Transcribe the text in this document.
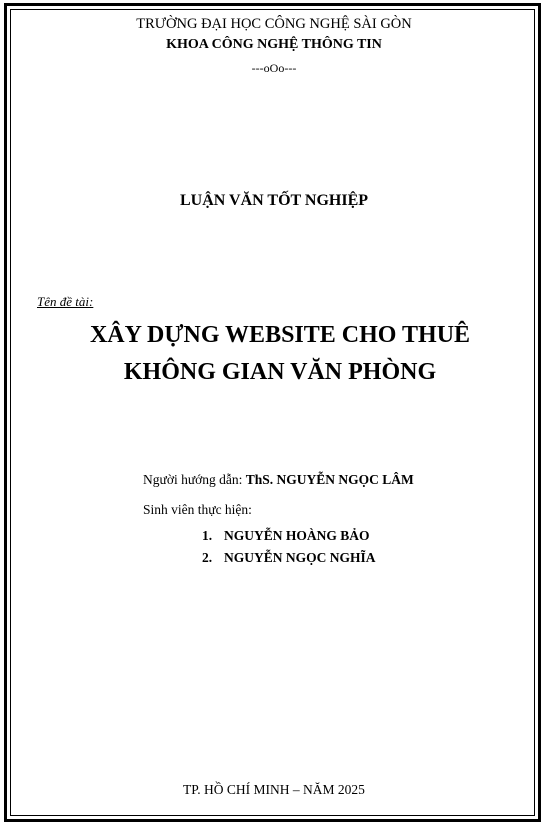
TRƯỜNG ĐẠI HỌC CÔNG NGHỆ SÀI GÒN
KHOA CÔNG NGHỆ THÔNG TIN
---oOo---
LUẬN VĂN TỐT NGHIỆP
Tên đề tài:
XÂY DỰNG WEBSITE CHO THUÊ
KHÔNG GIAN VĂN PHÒNG
Người hướng dẫn: ThS. NGUYỄN NGỌC LÂM
Sinh viên thực hiện:
1. NGUYỄN HOÀNG BẢO
2. NGUYỄN NGỌC NGHĨA
TP. HỒ CHÍ MINH – NĂM 2025
